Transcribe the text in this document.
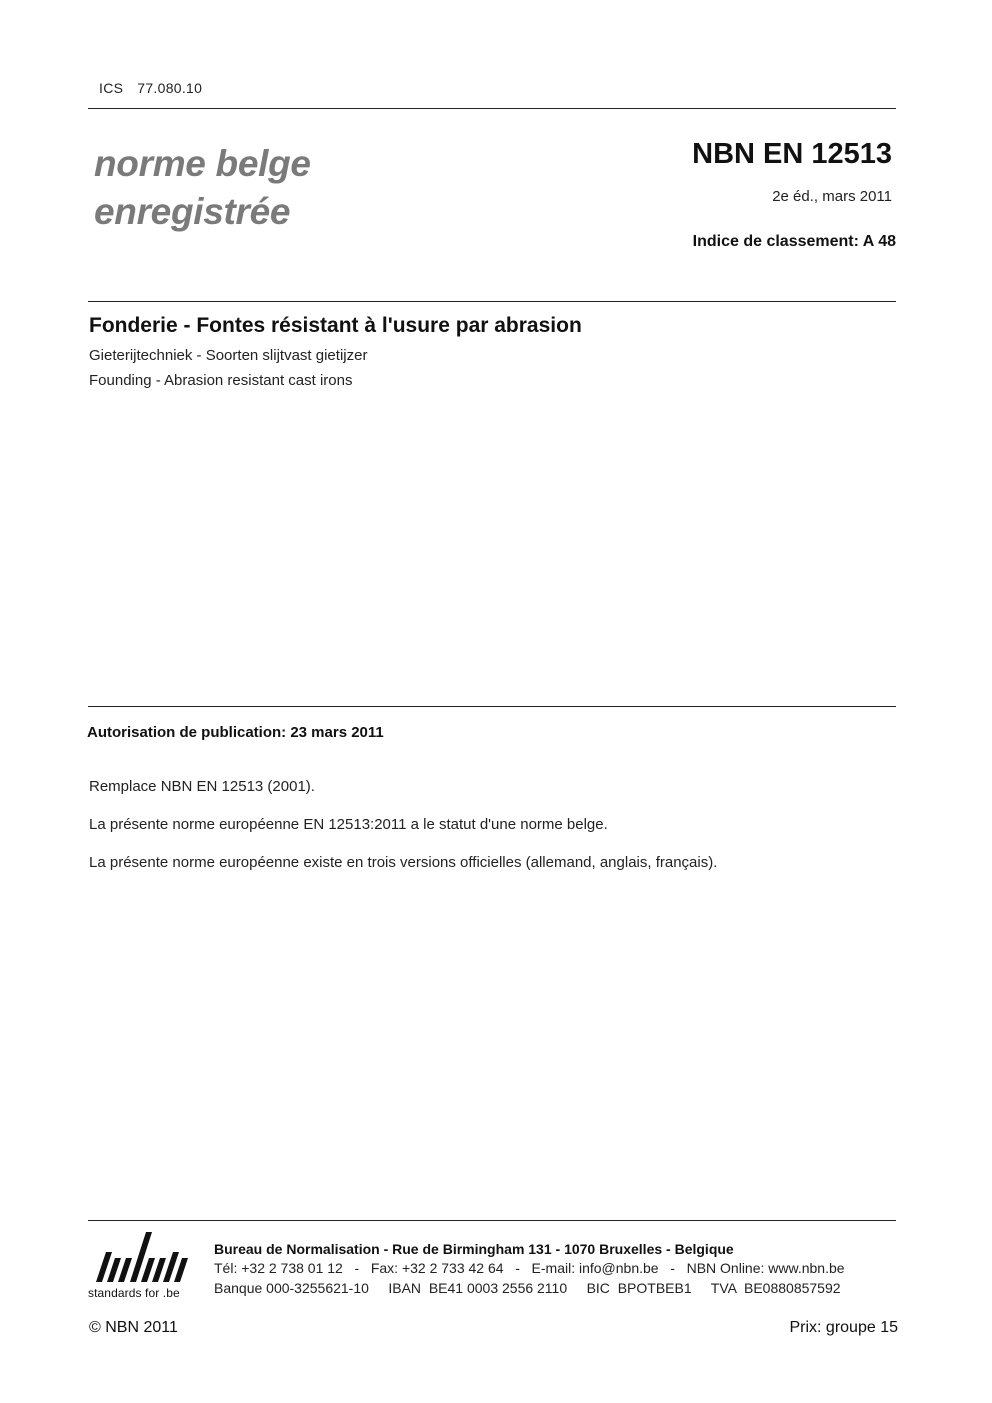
ICS 77.080.10
norme belge
enregistrée
NBN EN 12513
2e éd., mars 2011
Indice de classement: A 48
Fonderie - Fontes résistant à l'usure par abrasion
Gieterijtechniek - Soorten slijtvast gietijzer
Founding - Abrasion resistant cast irons
Autorisation de publication: 23 mars 2011
Remplace NBN EN 12513 (2001).
La présente norme européenne EN 12513:2011 a le statut d'une norme belge.
La présente norme européenne existe en trois versions officielles (allemand, anglais, français).
standards for .be
Bureau de Normalisation - Rue de Birmingham 131 - 1070 Bruxelles - Belgique
Tél: +32 2 738 01 12   -   Fax: +32 2 733 42 64   -   E-mail: info@nbn.be   -   NBN Online: www.nbn.be
Banque 000-3255621-10     IBAN  BE41 0003 2556 2110     BIC  BPOTBEB1     TVA  BE0880857592
© NBN 2011	Prix: groupe 15
